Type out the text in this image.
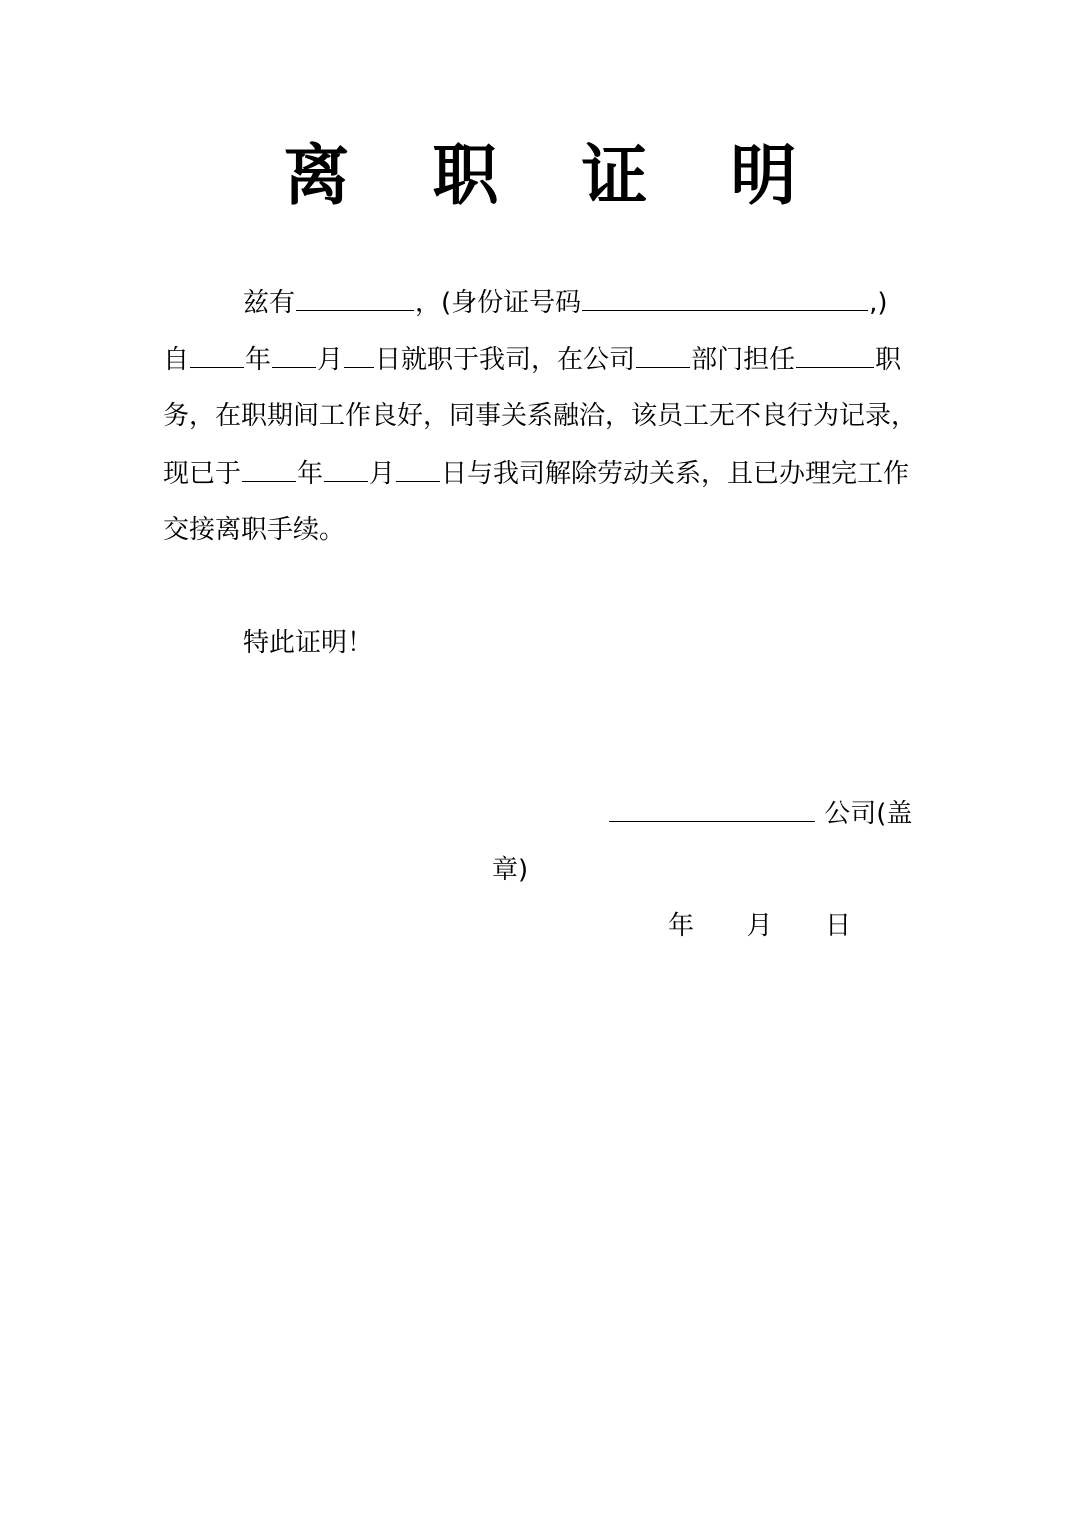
离 职 证 明
兹有	，(身份证号码	,)
自 年 月 日就职于我司，在公司 部门担任	职
务，在职期间工作良好，同事关系融洽，该员工无不良行为记录，
现已于 年 月 日与我司解除劳动关系，且已办理完工作
交接离职手续。
特此证明！
公司(盖
章)
年 月 日
